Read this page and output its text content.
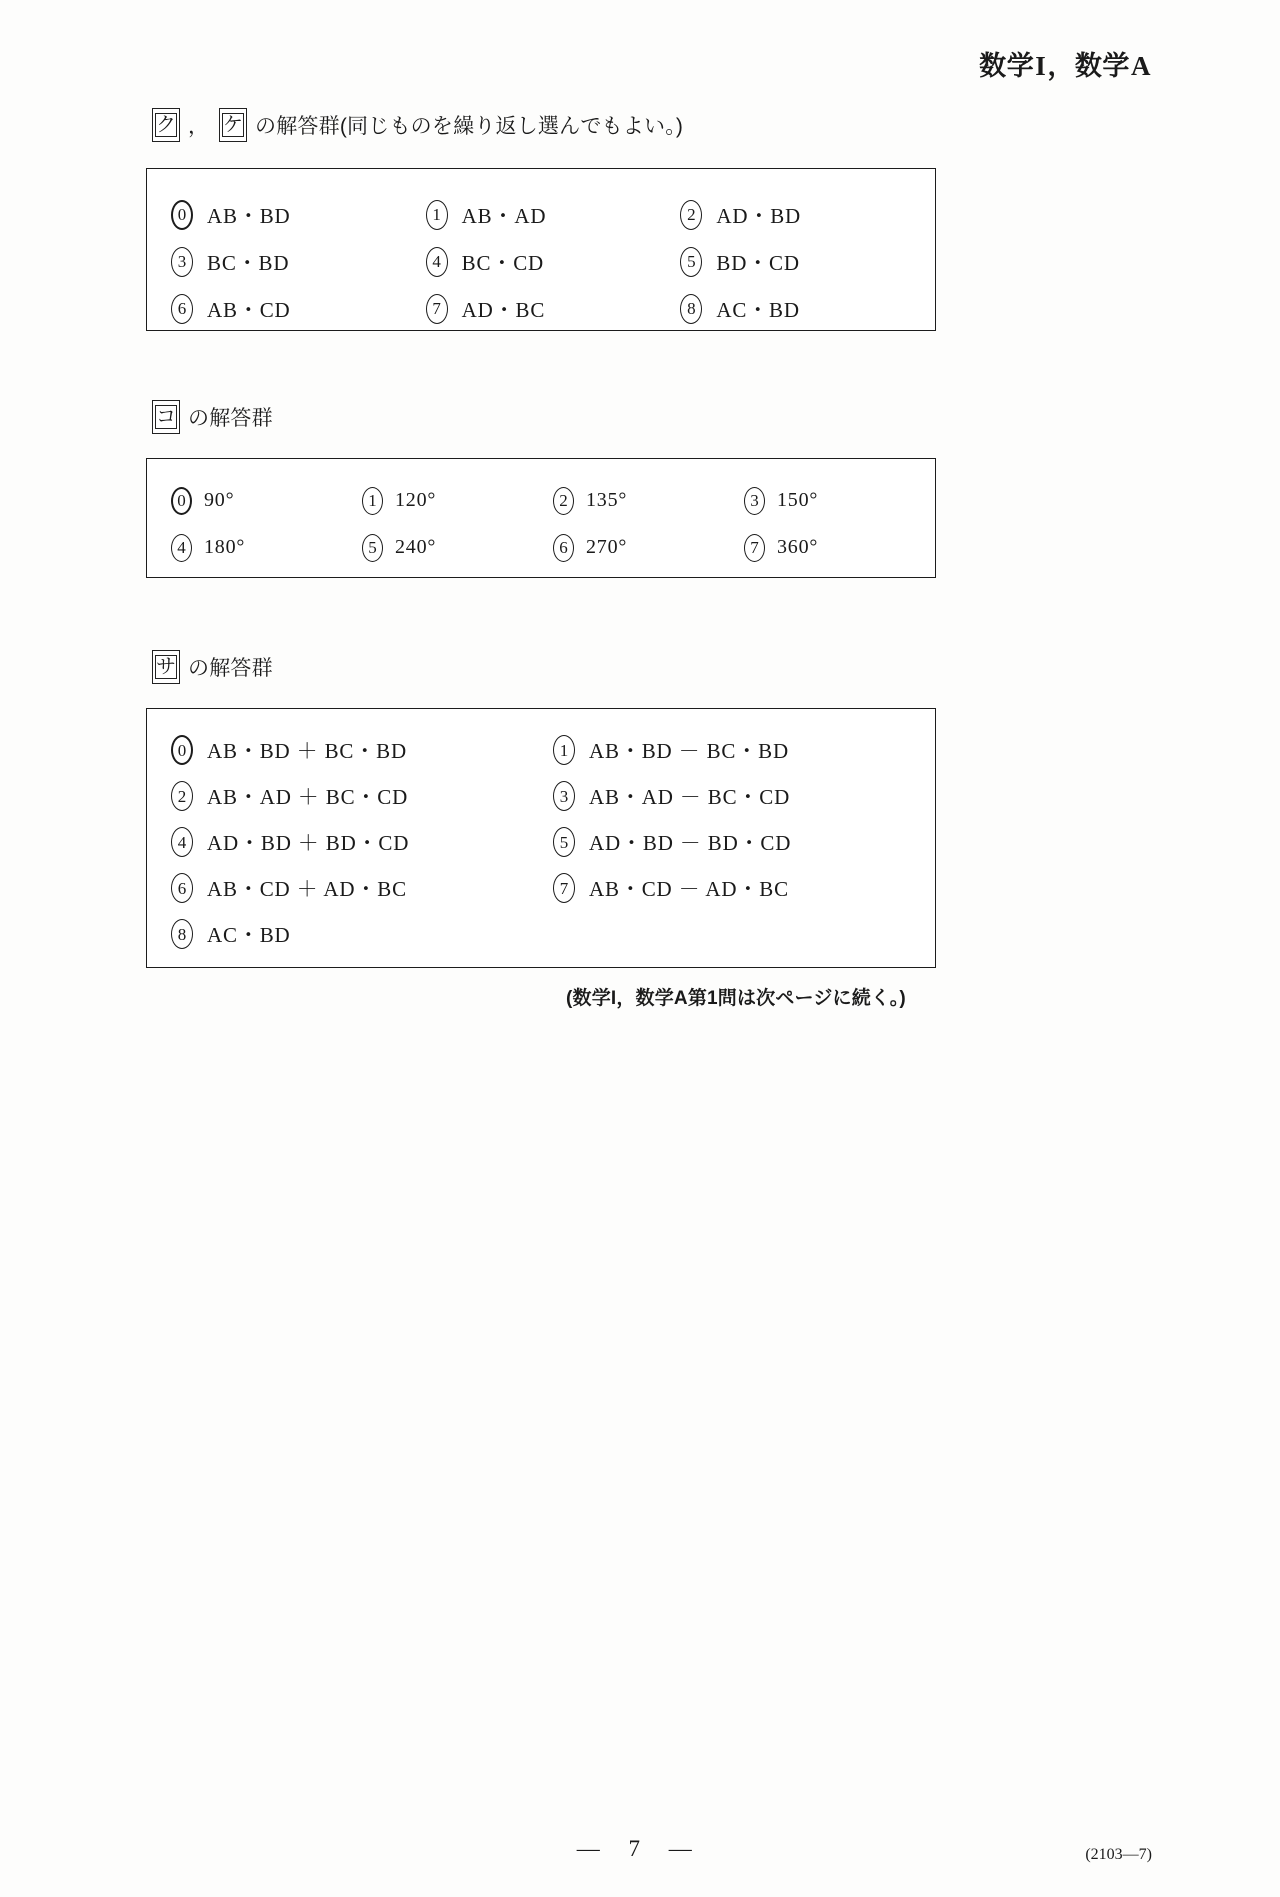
数学I，数学A
ク ， ケ の解答群(同じものを繰り返し選んでもよい。)
0 AB・BD	1 AB・AD	2 AD・BD
3 BC・BD	4 BC・CD	5 BD・CD
6 AB・CD	7 AD・BC	8 AC・BD
コ の解答群
0 90°	1 120°	2 135°	3 150°
4 180°	5 240°	6 270°	7 360°
サ の解答群
0 AB・BD ＋ BC・BD	1 AB・BD － BC・BD
2 AB・AD ＋ BC・CD	3 AB・AD － BC・CD
4 AD・BD ＋ BD・CD	5 AD・BD － BD・CD
6 AB・CD ＋ AD・BC	7 AB・CD － AD・BC
8 AC・BD
(数学I，数学A第1問は次ページに続く。)
— 7 —	(2103—7)
